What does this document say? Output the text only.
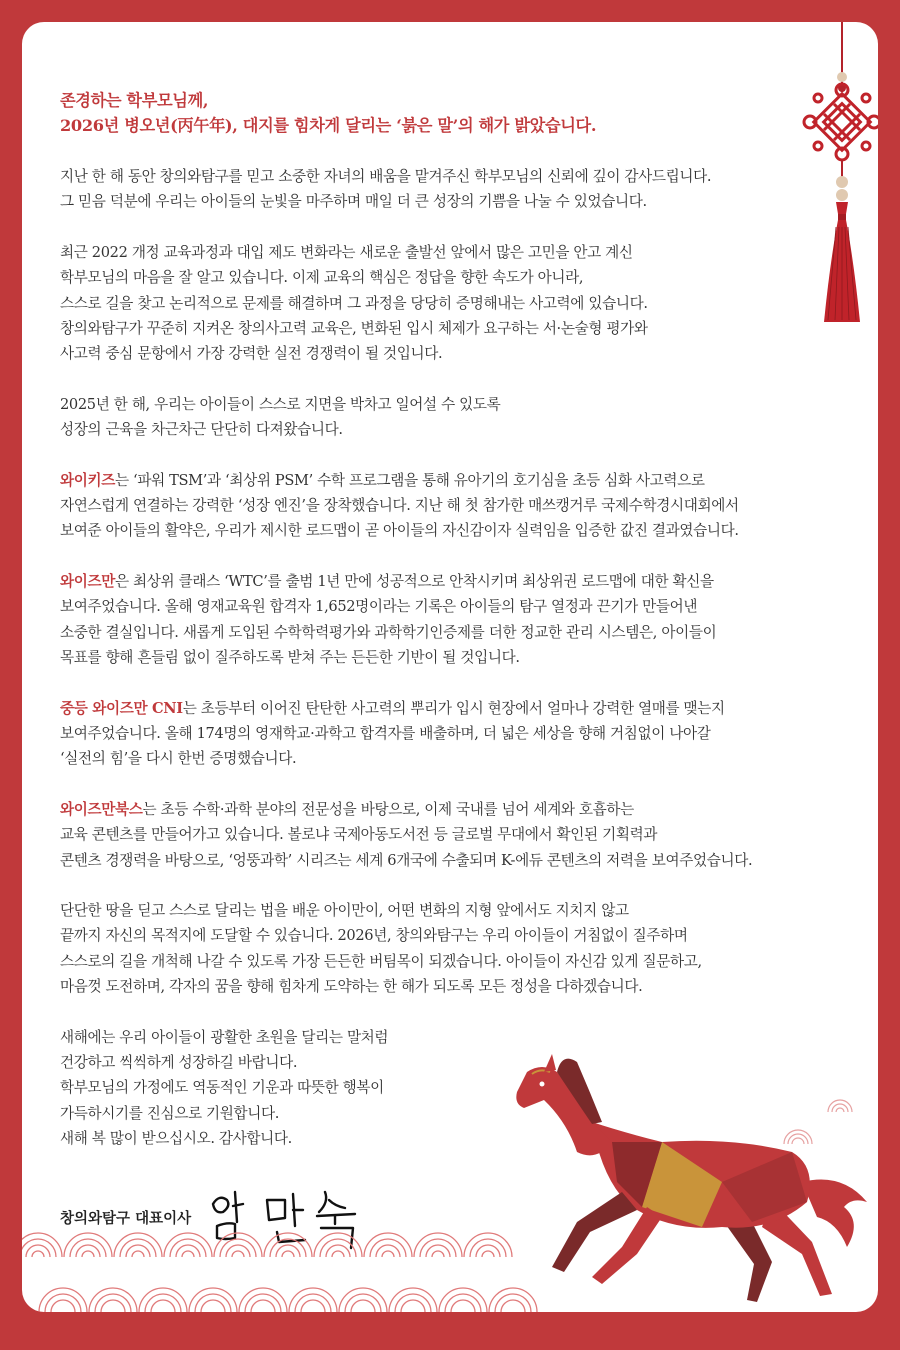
존경하는 학부모님께,
2026년 병오년(丙午年), 대지를 힘차게 달리는 ‘붉은 말’의 해가 밝았습니다.
지난 한 해 동안 창의와탐구를 믿고 소중한 자녀의 배움을 맡겨주신 학부모님의 신뢰에 깊이 감사드립니다.
그 믿음 덕분에 우리는 아이들의 눈빛을 마주하며 매일 더 큰 성장의 기쁨을 나눌 수 있었습니다.
최근 2022 개정 교육과정과 대입 제도 변화라는 새로운 출발선 앞에서 많은 고민을 안고 계신
학부모님의 마음을 잘 알고 있습니다. 이제 교육의 핵심은 정답을 향한 속도가 아니라,
스스로 길을 찾고 논리적으로 문제를 해결하며 그 과정을 당당히 증명해내는 사고력에 있습니다.
창의와탐구가 꾸준히 지켜온 창의사고력 교육은, 변화된 입시 체제가 요구하는 서·논술형 평가와
사고력 중심 문항에서 가장 강력한 실전 경쟁력이 될 것입니다.
2025년 한 해, 우리는 아이들이 스스로 지면을 박차고 일어설 수 있도록
성장의 근육을 차근차근 단단히 다져왔습니다.
와이키즈는 ‘파워 TSM’과 ‘최상위 PSM’ 수학 프로그램을 통해 유아기의 호기심을 초등 심화 사고력으로
자연스럽게 연결하는 강력한 ‘성장 엔진’을 장착했습니다. 지난 해 첫 참가한 매쓰캥거루 국제수학경시대회에서
보여준 아이들의 활약은, 우리가 제시한 로드맵이 곧 아이들의 자신감이자 실력임을 입증한 값진 결과였습니다.
와이즈만은 최상위 클래스 ‘WTC’를 출범 1년 만에 성공적으로 안착시키며 최상위권 로드맵에 대한 확신을
보여주었습니다. 올해 영재교육원 합격자 1,652명이라는 기록은 아이들의 탐구 열정과 끈기가 만들어낸
소중한 결실입니다. 새롭게 도입된 수학학력평가와 과학학기인증제를 더한 정교한 관리 시스템은, 아이들이
목표를 향해 흔들림 없이 질주하도록 받쳐 주는 든든한 기반이 될 것입니다.
중등 와이즈만 CNI는 초등부터 이어진 탄탄한 사고력의 뿌리가 입시 현장에서 얼마나 강력한 열매를 맺는지
보여주었습니다. 올해 174명의 영재학교·과학고 합격자를 배출하며, 더 넓은 세상을 향해 거침없이 나아갈
‘실전의 힘’을 다시 한번 증명했습니다.
와이즈만북스는 초등 수학·과학 분야의 전문성을 바탕으로, 이제 국내를 넘어 세계와 호흡하는
교육 콘텐츠를 만들어가고 있습니다. 볼로냐 국제아동도서전 등 글로벌 무대에서 확인된 기획력과
콘텐츠 경쟁력을 바탕으로, ‘엉뚱과학’ 시리즈는 세계 6개국에 수출되며 K-에듀 콘텐츠의 저력을 보여주었습니다.
단단한 땅을 딛고 스스로 달리는 법을 배운 아이만이, 어떤 변화의 지형 앞에서도 지치지 않고
끝까지 자신의 목적지에 도달할 수 있습니다. 2026년, 창의와탐구는 우리 아이들이 거침없이 질주하며
스스로의 길을 개척해 나갈 수 있도록 가장 든든한 버팀목이 되겠습니다. 아이들이 자신감 있게 질문하고,
마음껏 도전하며, 각자의 꿈을 향해 힘차게 도약하는 한 해가 되도록 모든 정성을 다하겠습니다.
새해에는 우리 아이들이 광활한 초원을 달리는 말처럼
건강하고 씩씩하게 성장하길 바랍니다.
학부모님의 가정에도 역동적인 기운과 따뜻한 행복이
가득하시기를 진심으로 기원합니다.
새해 복 많이 받으십시오. 감사합니다.
창의와탐구 대표이사
